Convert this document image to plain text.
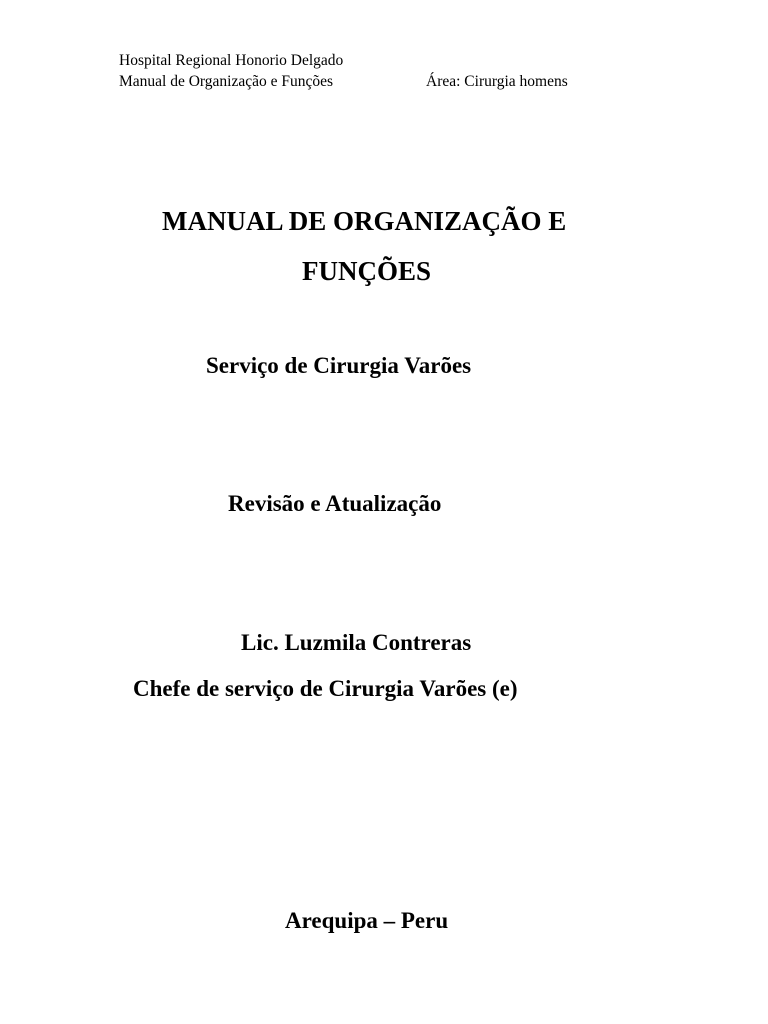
Hospital Regional Honorio Delgado
Manual de Organização e Funções	Área: Cirurgia homens
MANUAL DE ORGANIZAÇÃO E
FUNÇÕES
Serviço de Cirurgia Varões
Revisão e Atualização
Lic. Luzmila Contreras
Chefe de serviço de Cirurgia Varões (e)
Arequipa – Peru
